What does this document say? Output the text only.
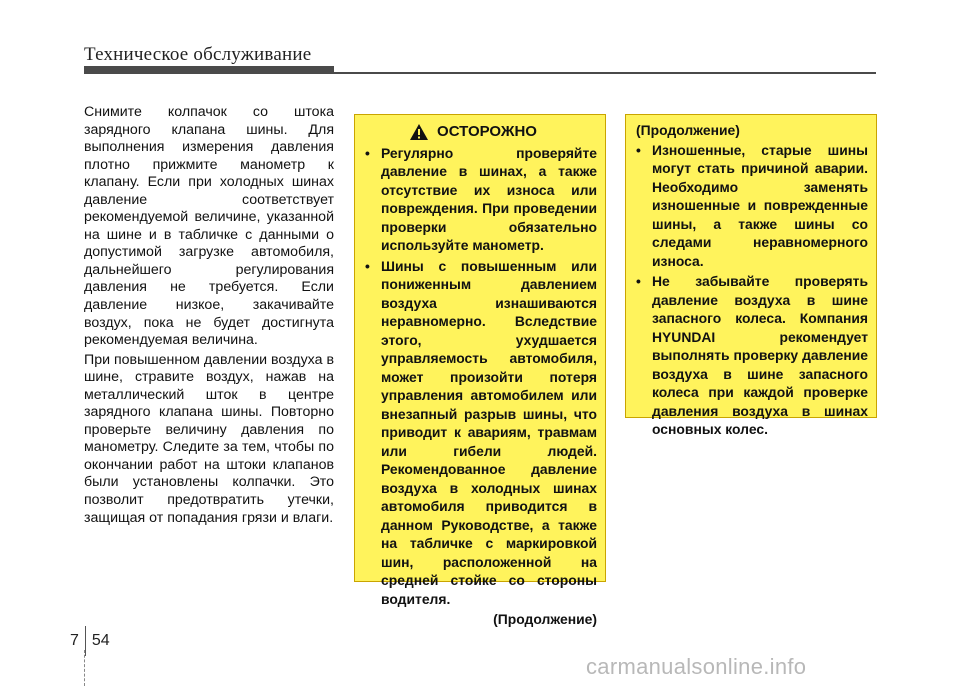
Техническое обслуживание

Снимите колпачок со штока зарядного клапана шины. Для выполнения измерения давления плотно прижмите манометр к клапану. Если при холодных шинах давление соответствует рекомендуемой величине, указанной на шине и в табличке с данными о допустимой загрузке автомобиля, дальнейшего регулирования давления не требуется. Если давление низкое, закачивайте воздух, пока не будет достигнута рекомендуемая величина.

При повышенном давлении воздуха в шине, стравите воздух, нажав на металлический шток в центре зарядного клапана шины. Повторно проверьте величину давления по манометру. Следите за тем, чтобы по окончании работ на штоки клапанов были установлены колпачки. Это позволит предотвратить утечки, защищая от попадания грязи и влаги.

ОСТОРОЖНО
• Регулярно проверяйте давление в шинах, а также отсутствие их износа или повреждения. При проведении проверки обязательно используйте манометр.
• Шины с повышенным или пониженным давлением воздуха изнашиваются неравномерно. Вследствие этого, ухудшается управляемость автомобиля, может произойти потеря управления автомобилем или внезапный разрыв шины, что приводит к авариям, травмам или гибели людей. Рекомендованное давление воздуха в холодных шинах автомобиля приводится в данном Руководстве, а также на табличке с маркировкой шин, расположенной на средней стойке со стороны водителя.
(Продолжение)
(Продолжение)
• Изношенные, старые шины могут стать причиной аварии. Необходимо заменять изношенные и поврежденные шины, а также шины со следами неравномерного износа.
• Не забывайте проверять давление воздуха в шине запасного колеса. Компания HYUNDAI рекомендует выполнять проверку давление воздуха в шине запасного колеса при каждой проверке давления воздуха в шинах основных колес.
7 54
carmanualsonline.info
